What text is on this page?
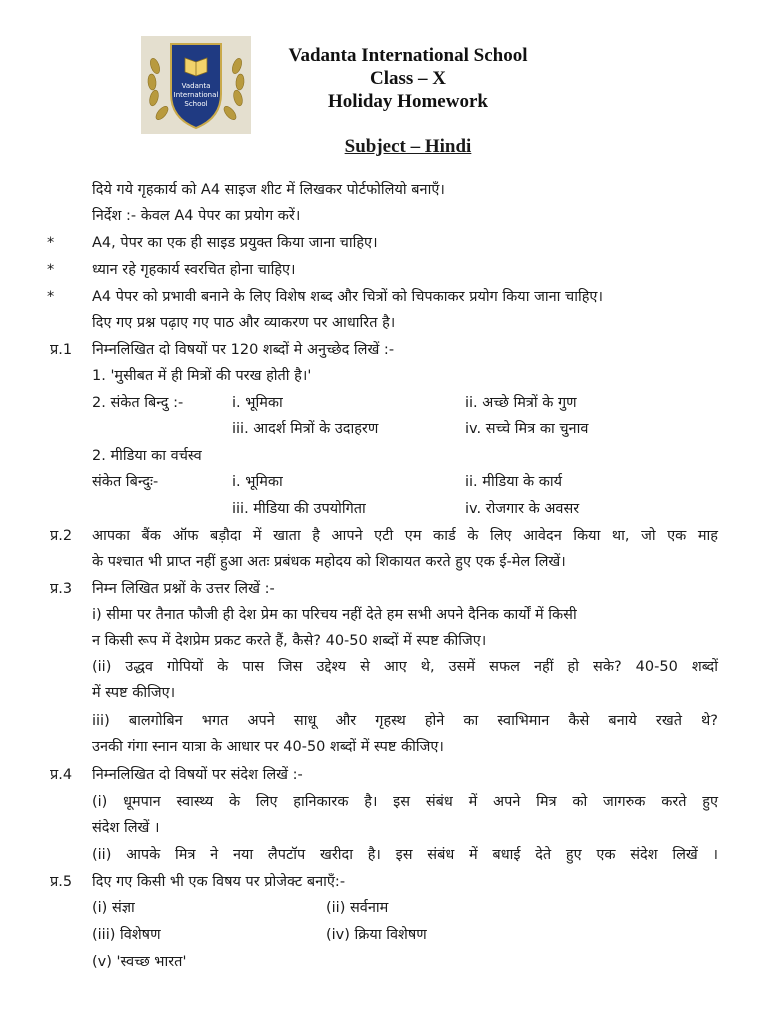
Vadanta
International
School
Vadanta International School
Class – X
Holiday Homework
Subject – Hindi
दिये गये गृहकार्य को A4 साइज शीट में लिखकर पोर्टफोलियो बनाएँ।
निर्देश :- केवल A4 पेपर का प्रयोग करें।
*	A4, पेपर का एक ही साइड प्रयुक्त किया जाना चाहिए।
*	ध्यान रहे गृहकार्य स्वरचित होना चाहिए।
*	A4 पेपर को प्रभावी बनाने के लिए विशेष शब्द और चित्रों को चिपकाकर प्रयोग किया जाना चाहिए।
दिए गए प्रश्न पढ़ाए गए पाठ और व्याकरण पर आधारित है।
प्र.1 निम्नलिखित दो विषयों पर 120 शब्दों मे अनुच्छेद लिखें :-
1. 'मुसीबत में ही मित्रों की परख होती है।'
2. संकेत बिन्दु :-	i. भूमिका	ii. अच्छे मित्रों के गुण
iii. आदर्श मित्रों के उदाहरण	iv. सच्चे मित्र का चुनाव
2. मीडिया का वर्चस्व
संकेत बिन्दुः-	i. भूमिका	ii. मीडिया के कार्य
iii. मीडिया की उपयोगिता	iv. रोजगार के अवसर
प्र.2 आपका बैंक ऑफ बड़ौदा में खाता है आपने एटी एम कार्ड के लिए आवेदन किया था, जो एक माह
के पश्चात भी प्राप्त नहीं हुआ अतः प्रबंधक महोदय को शिकायत करते हुए एक ई-मेल लिखें।
प्र.3 निम्न लिखित प्रश्नों के उत्तर लिखें :-
i) सीमा पर तैनात फौजी ही देश प्रेम का परिचय नहीं देते हम सभी अपने दैनिक कार्यों में किसी
न किसी रूप में देशप्रेम प्रकट करते हैं, कैसे? 40-50 शब्दों में स्पष्ट कीजिए।
(ii) उद्धव गोपियों के पास जिस उद्देश्य से आए थे, उसमें सफल नहीं हो सके? 40-50 शब्दों
में स्पष्ट कीजिए।
iii) बालगोबिन भगत अपने साधू और गृहस्थ होने का स्वाभिमान कैसे बनाये रखते थे?
उनकी गंगा स्नान यात्रा के आधार पर 40-50 शब्दों में स्पष्ट कीजिए।
प्र.4 निम्नलिखित दो विषयों पर संदेश लिखें :-
(i) धूमपान स्वास्थ्य के लिए हानिकारक है। इस संबंध में अपने मित्र को जागरुक करते हुए
संदेश लिखें ।
(ii) आपके मित्र ने नया लैपटॉप खरीदा है। इस संबंध में बधाई देते हुए एक संदेश लिखें ।
प्र.5 दिए गए किसी भी एक विषय पर प्रोजेक्ट बनाएँ:-
(i) संज्ञा	(ii) सर्वनाम
(iii) विशेषण	(iv) क्रिया विशेषण
(v) 'स्वच्छ भारत'
